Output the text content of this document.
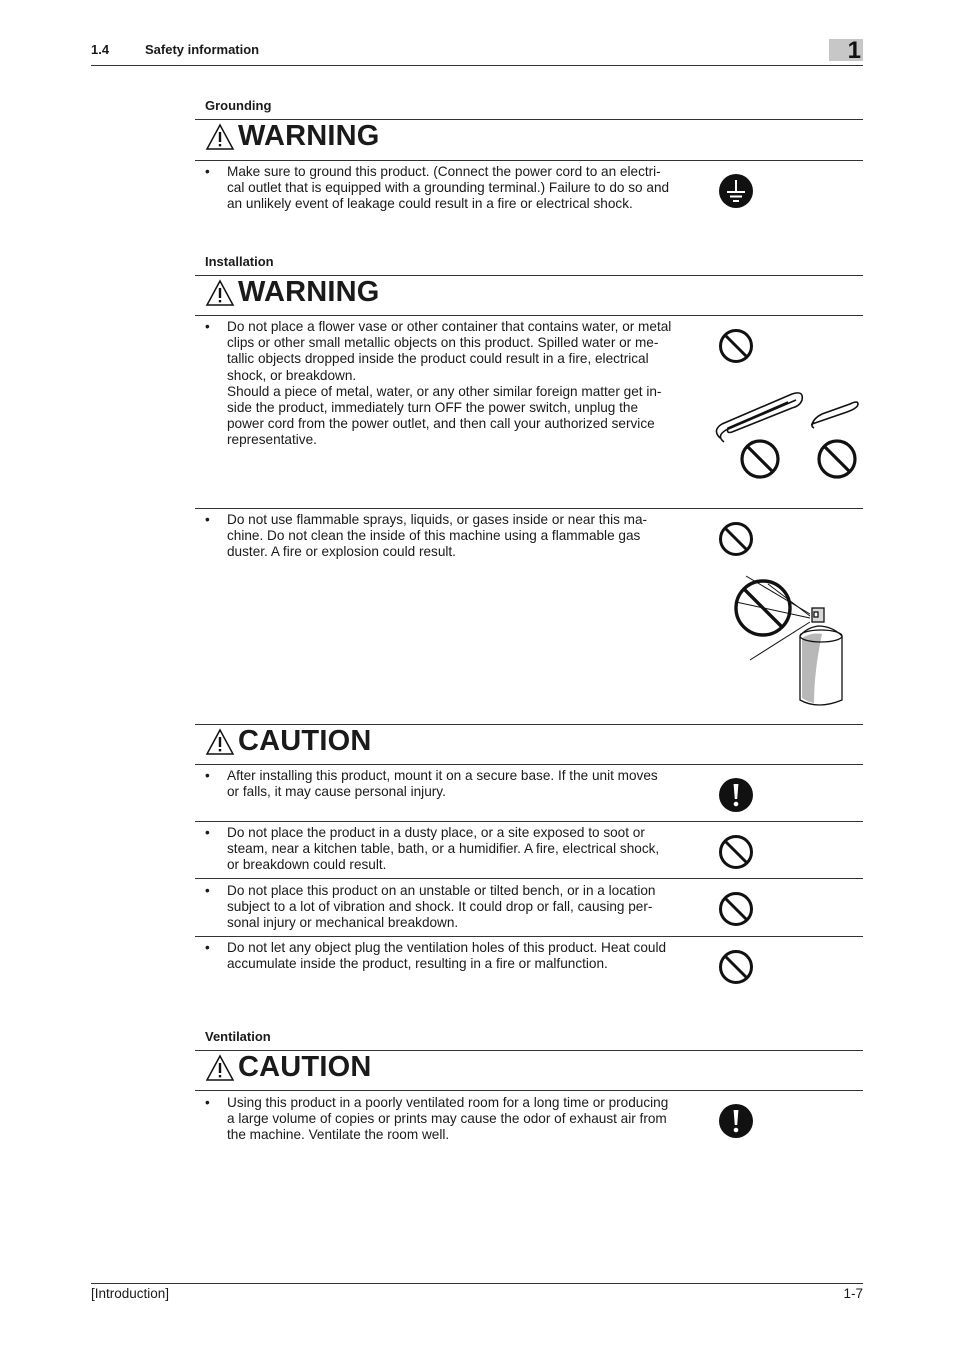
1.4	Safety information	1
Grounding
WARNING
• Make sure to ground this product. (Connect the power cord to an electri-
cal outlet that is equipped with a grounding terminal.) Failure to do so and
an unlikely event of leakage could result in a fire or electrical shock.
Installation
WARNING
• Do not place a flower vase or other container that contains water, or metal
clips or other small metallic objects on this product. Spilled water or me-
tallic objects dropped inside the product could result in a fire, electrical
shock, or breakdown.
Should a piece of metal, water, or any other similar foreign matter get in-
side the product, immediately turn OFF the power switch, unplug the
power cord from the power outlet, and then call your authorized service
representative.
• Do not use flammable sprays, liquids, or gases inside or near this ma-
chine. Do not clean the inside of this machine using a flammable gas
duster. A fire or explosion could result.
CAUTION
• After installing this product, mount it on a secure base. If the unit moves
or falls, it may cause personal injury.
• Do not place the product in a dusty place, or a site exposed to soot or
steam, near a kitchen table, bath, or a humidifier. A fire, electrical shock,
or breakdown could result.
• Do not place this product on an unstable or tilted bench, or in a location
subject to a lot of vibration and shock. It could drop or fall, causing per-
sonal injury or mechanical breakdown.
• Do not let any object plug the ventilation holes of this product. Heat could
accumulate inside the product, resulting in a fire or malfunction.
Ventilation
CAUTION
• Using this product in a poorly ventilated room for a long time or producing
a large volume of copies or prints may cause the odor of exhaust air from
the machine. Ventilate the room well.
[Introduction]	1-7
